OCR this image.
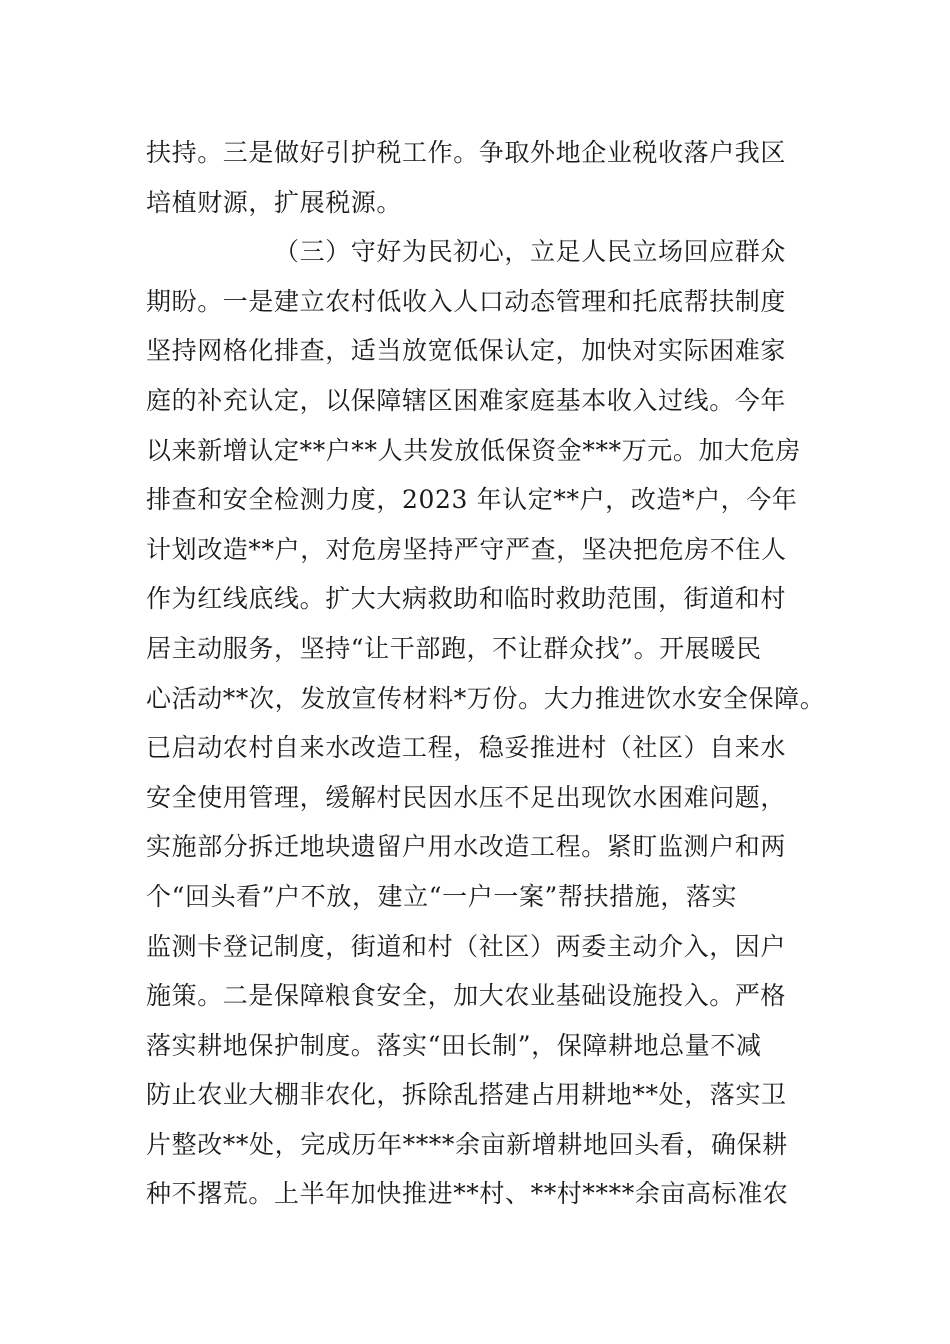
扶持。三是做好引护税工作。争取外地企业税收落户我区
培植财源，扩展税源。
（三）守好为民初心，立足人民立场回应群众
期盼。一是建立农村低收入人口动态管理和托底帮扶制度
坚持网格化排查，适当放宽低保认定，加快对实际困难家
庭的补充认定，以保障辖区困难家庭基本收入过线。今年
以来新增认定**户**人共发放低保资金***万元。加大危房
排查和安全检测力度，2023 年认定**户，改造*户，今年
计划改造**户，对危房坚持严守严查，坚决把危房不住人
作为红线底线。扩大大病救助和临时救助范围，街道和村
居主动服务，坚持“让干部跑，不让群众找”。开展暖民
心活动**次，发放宣传材料*万份。大力推进饮水安全保障。
已启动农村自来水改造工程，稳妥推进村（社区）自来水
安全使用管理，缓解村民因水压不足出现饮水困难问题，
实施部分拆迁地块遗留户用水改造工程。紧盯监测户和两
个“回头看”户不放，建立“一户一案”帮扶措施，落实
监测卡登记制度，街道和村（社区）两委主动介入，因户
施策。二是保障粮食安全，加大农业基础设施投入。严格
落实耕地保护制度。落实“田长制”，保障耕地总量不减
防止农业大棚非农化，拆除乱搭建占用耕地**处，落实卫
片整改**处，完成历年****余亩新增耕地回头看，确保耕
种不撂荒。上半年加快推进**村、**村****余亩高标准农
